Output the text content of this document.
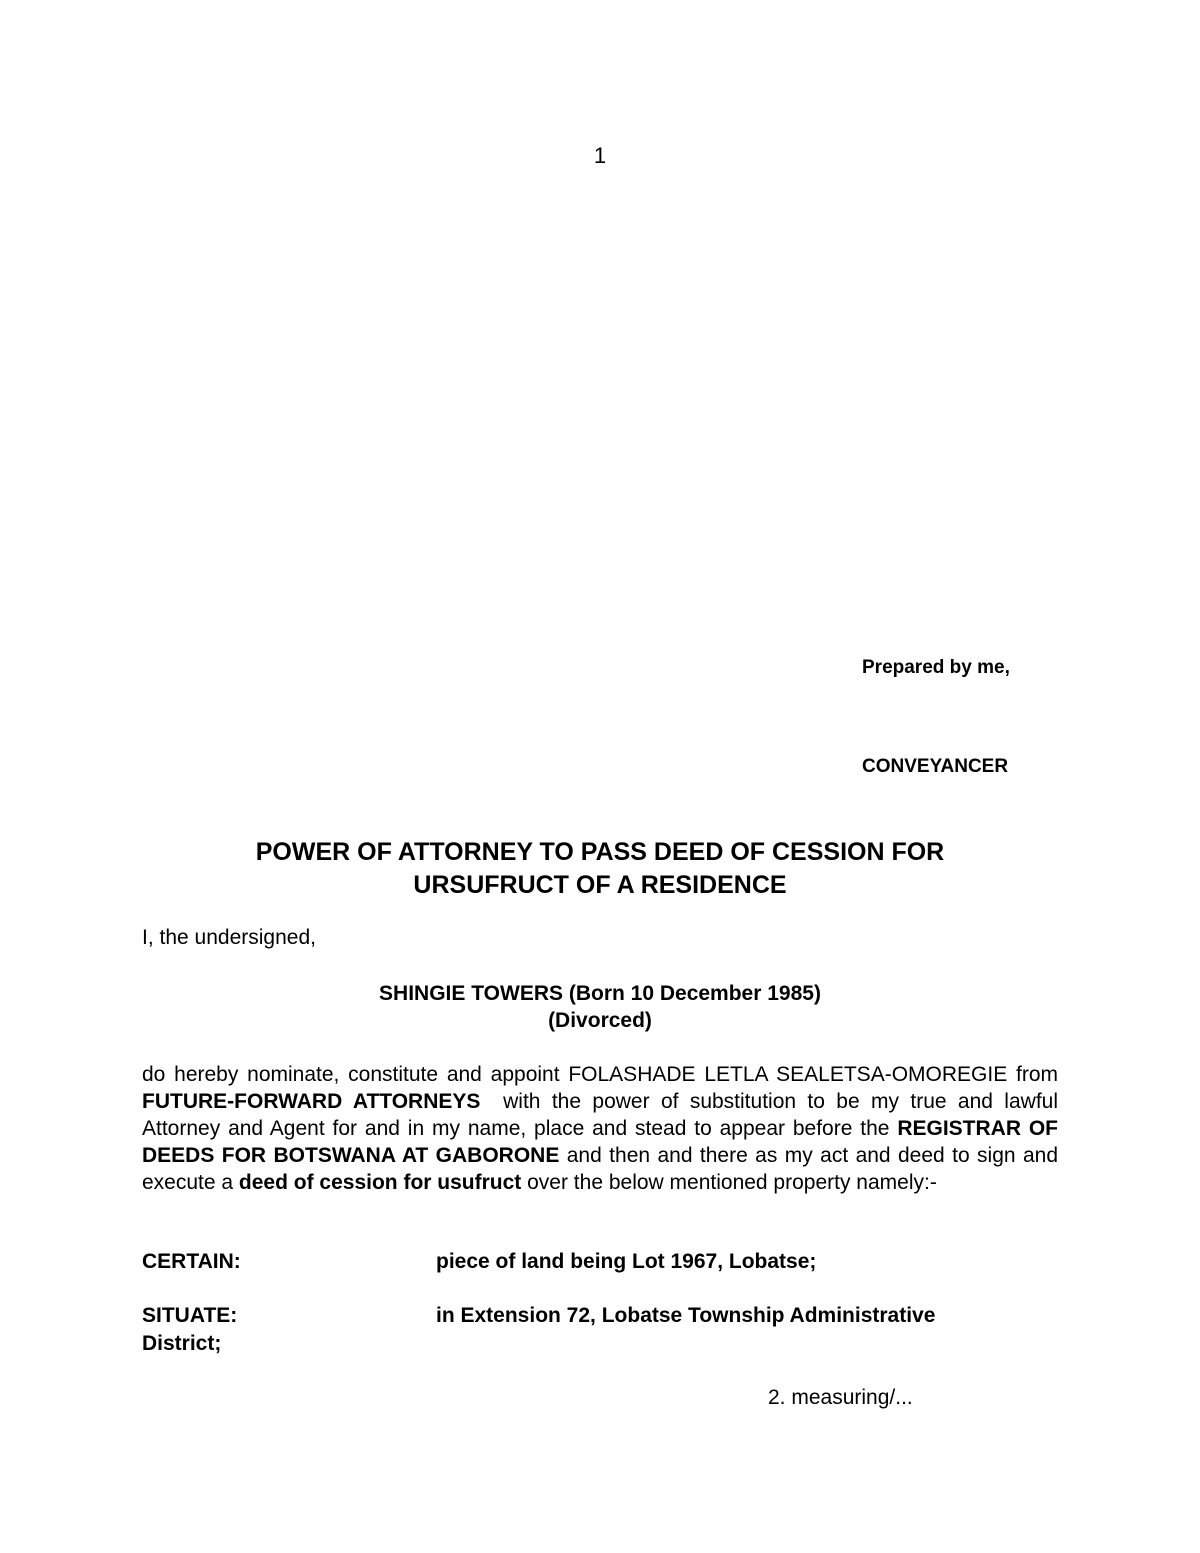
1
Prepared by me,
CONVEYANCER
POWER OF ATTORNEY TO PASS DEED OF CESSION FOR
URSUFRUCT OF A RESIDENCE
I, the undersigned,
SHINGIE TOWERS (Born 10 December 1985)
(Divorced)
do hereby nominate, constitute and appoint FOLASHADE LETLA SEALETSA-OMOREGIE from FUTURE-FORWARD ATTORNEYS  with the power of substitution to be my true and lawful Attorney and Agent for and in my name, place and stead to appear before the REGISTRAR OF DEEDS FOR BOTSWANA AT GABORONE and then and there as my act and deed to sign and execute a deed of cession for usufruct over the below mentioned property namely:-
CERTAIN:	piece of land being Lot 1967, Lobatse;
SITUATE:	in Extension 72, Lobatse Township Administrative
District;
2. measuring/...
